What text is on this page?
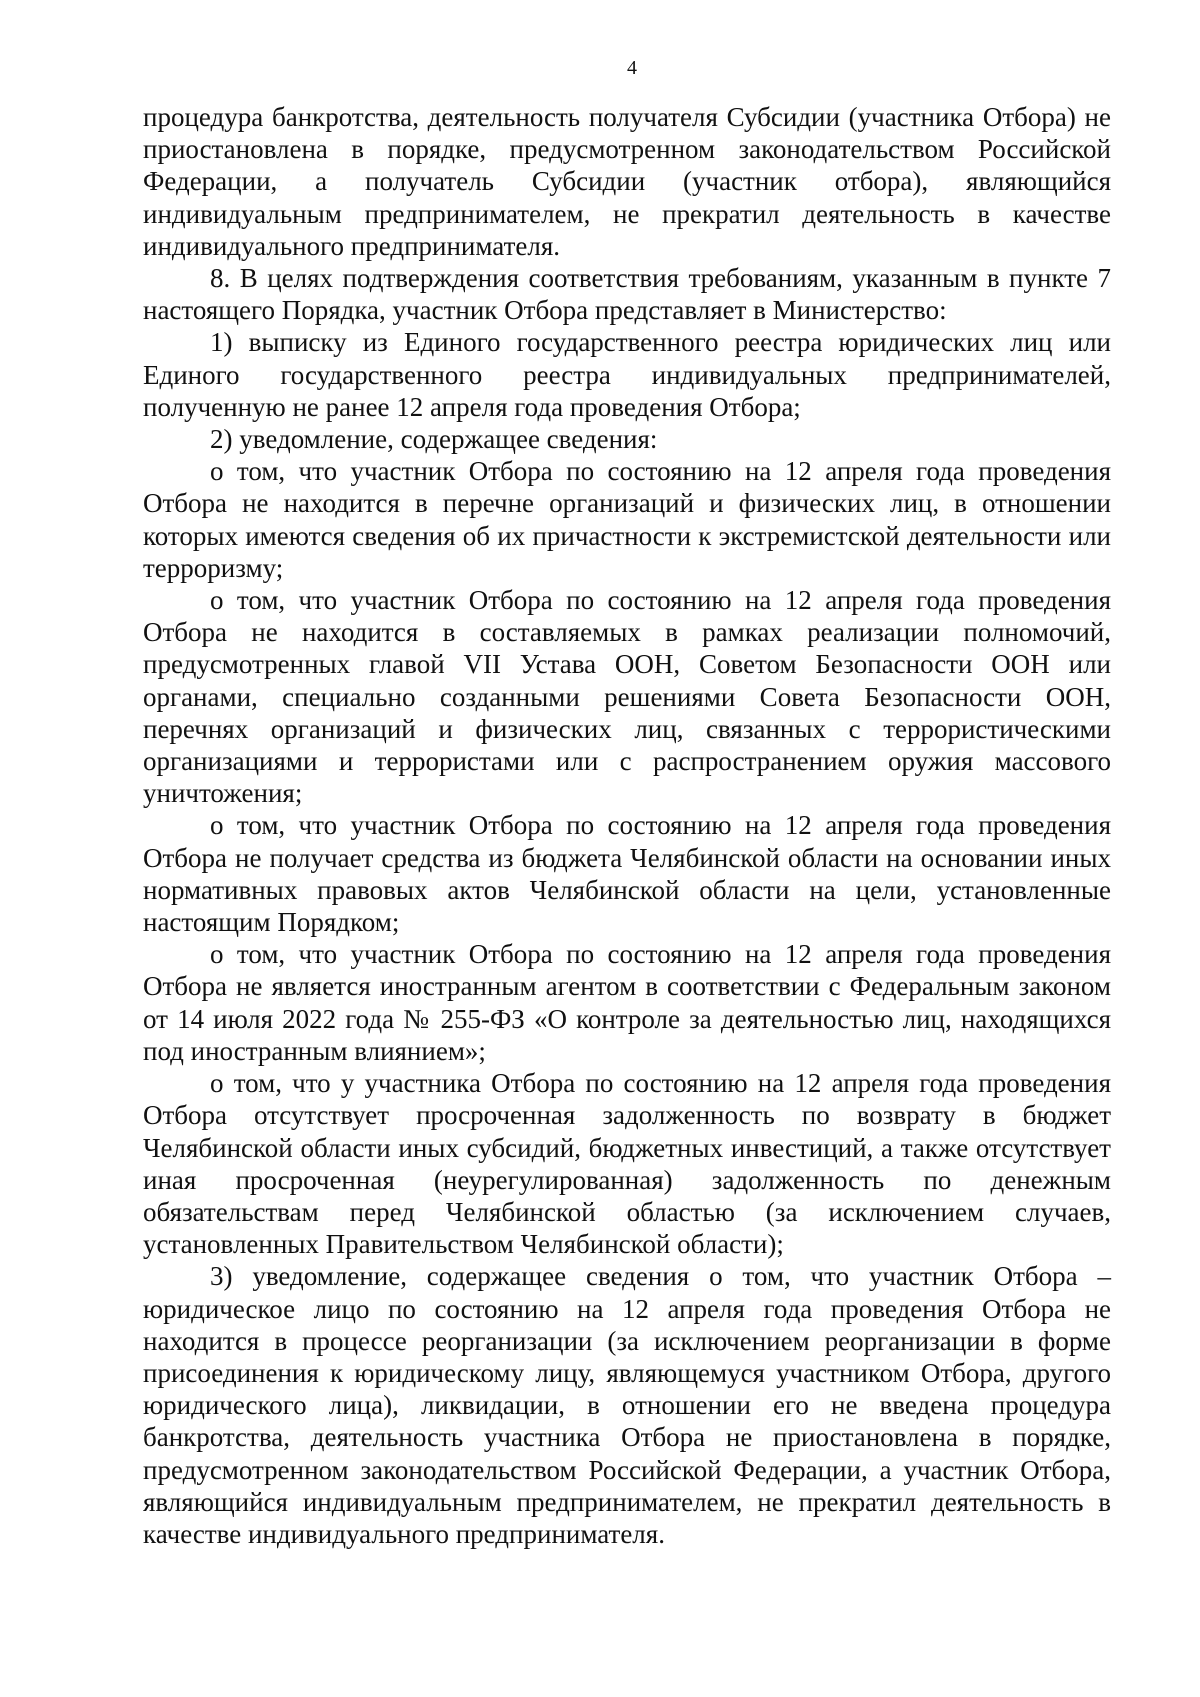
4

процедура банкротства, деятельность получателя Субсидии (участника Отбора) не приостановлена в порядке, предусмотренном законодательством Российской Федерации, а получатель Субсидии (участник отбора), являющийся индивидуальным предпринимателем, не прекратил деятельность в качестве индивидуального предпринимателя.

8. В целях подтверждения соответствия требованиям, указанным в пункте 7 настоящего Порядка, участник Отбора представляет в Министерство:

1) выписку из Единого государственного реестра юридических лиц или Единого государственного реестра индивидуальных предпринимателей, полученную не ранее 12 апреля года проведения Отбора;

2) уведомление, содержащее сведения:

о том, что участник Отбора по состоянию на 12 апреля года проведения Отбора не находится в перечне организаций и физических лиц, в отношении которых имеются сведения об их причастности к экстремистской деятельности или терроризму;

о том, что участник Отбора по состоянию на 12 апреля года проведения Отбора не находится в составляемых в рамках реализации полномочий, предусмотренных главой VII Устава ООН, Советом Безопасности ООН или органами, специально созданными решениями Совета Безопасности ООН, перечнях организаций и физических лиц, связанных с террористическими организациями и террористами или с распространением оружия массового уничтожения;

о том, что участник Отбора по состоянию на 12 апреля года проведения Отбора не получает средства из бюджета Челябинской области на основании иных нормативных правовых актов Челябинской области на цели, установленные настоящим Порядком;

о том, что участник Отбора по состоянию на 12 апреля года проведения Отбора не является иностранным агентом в соответствии с Федеральным законом от 14 июля 2022 года № 255-ФЗ «О контроле за деятельностью лиц, находящихся под иностранным влиянием»;

о том, что у участника Отбора по состоянию на 12 апреля года проведения Отбора отсутствует просроченная задолженность по возврату в бюджет Челябинской области иных субсидий, бюджетных инвестиций, а также отсутствует иная просроченная (неурегулированная) задолженность по денежным обязательствам перед Челябинской областью (за исключением случаев, установленных Правительством Челябинской области);

3) уведомление, содержащее сведения о том, что участник Отбора – юридическое лицо по состоянию на 12 апреля года проведения Отбора не находится в процессе реорганизации (за исключением реорганизации в форме присоединения к юридическому лицу, являющемуся участником Отбора, другого юридического лица), ликвидации, в отношении его не введена процедура банкротства, деятельность участника Отбора не приостановлена в порядке, предусмотренном законодательством Российской Федерации, а участник Отбора, являющийся индивидуальным предпринимателем, не прекратил деятельность в качестве индивидуального предпринимателя.
